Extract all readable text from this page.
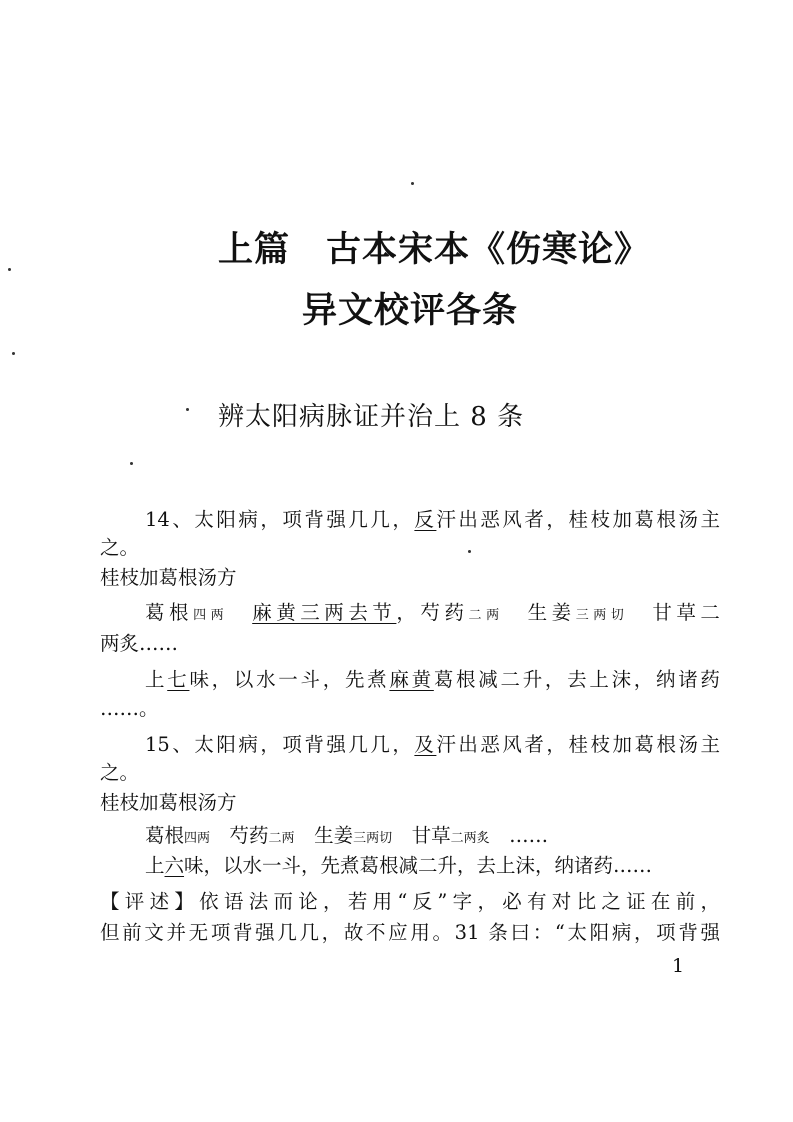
上篇　古本宋本《伤寒论》
异文校评各条
辨太阳病脉证并治上 8 条
14、太阳病，项背强几几，反汗出恶风者，桂枝加葛根汤主
之。
桂枝加葛根汤方
葛根四两　 麻黄三两去节，芍药二两　生姜三两切　甘草二
两炙……
上七味，以水一斗，先煮麻黄葛根减二升，去上沫，纳诸药
……。
15、太阳病，项背强几几，及汗出恶风者，桂枝加葛根汤主
之。
桂枝加葛根汤方
葛根四两　芍药二两　生姜三两切　甘草二两炙　……
上六味，以水一斗，先煮葛根减二升，去上沫，纳诸药……
【评述】依语法而论，若用“反”字，必有对比之证在前，
但前文并无项背强几几，故不应用。31 条曰：“太阳病，项背强
1
